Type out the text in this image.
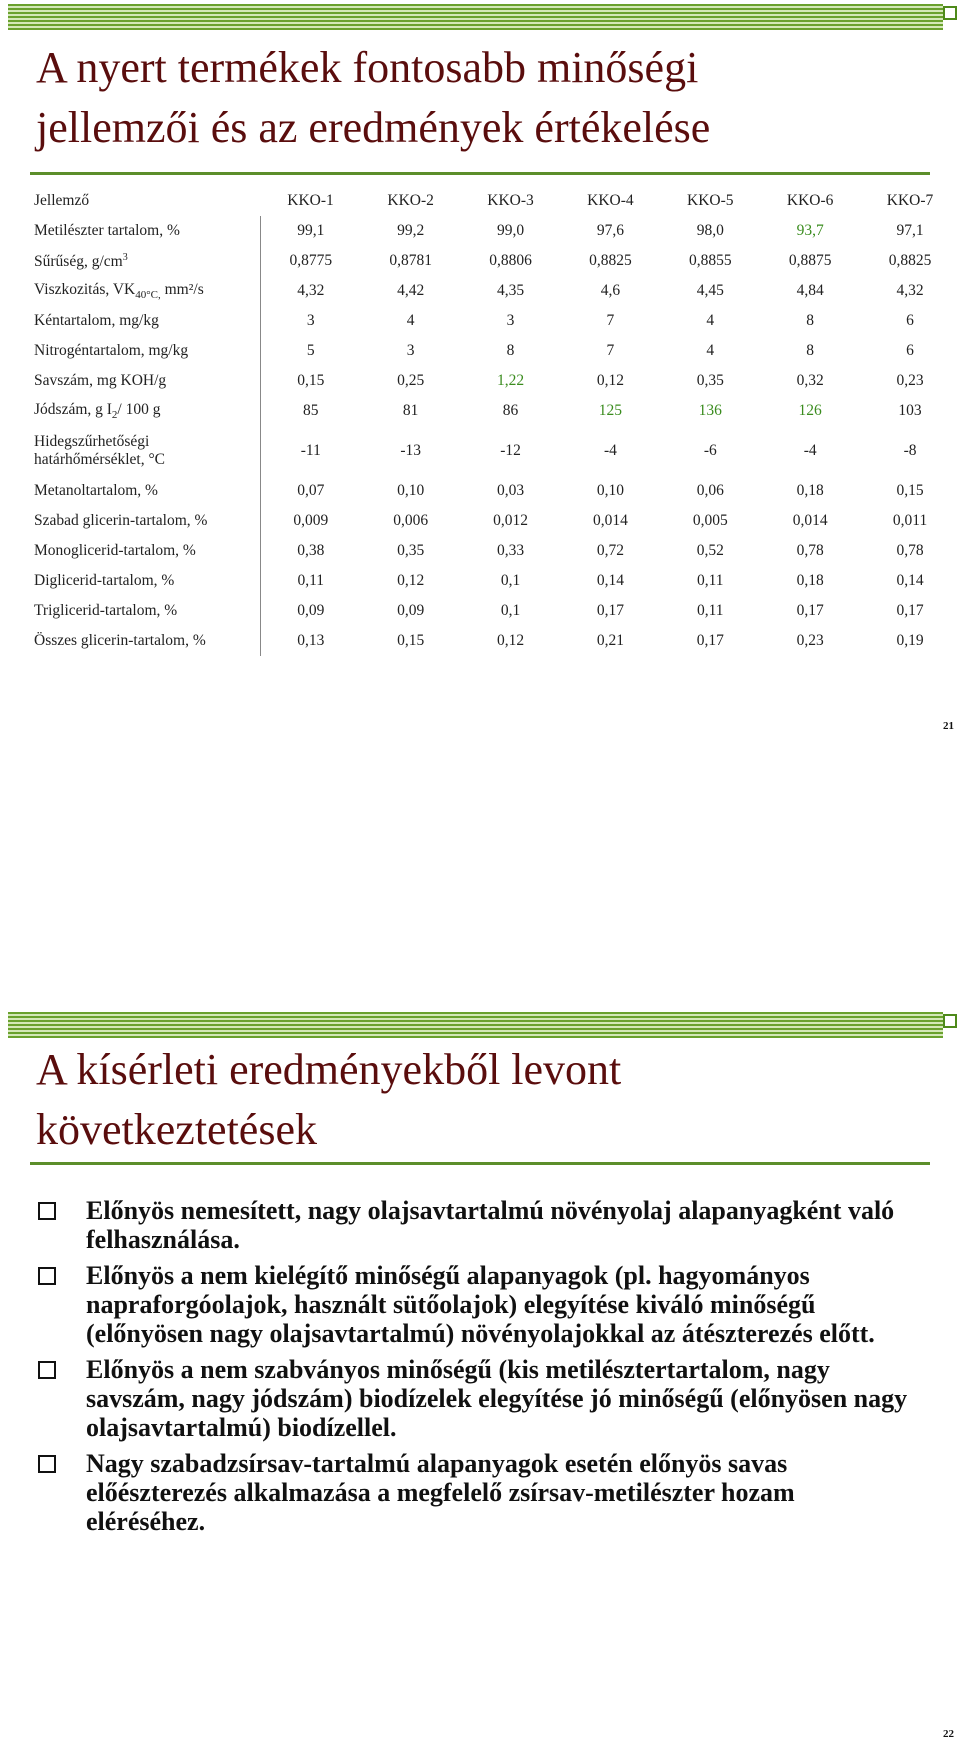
A nyert termékek fontosabb minőségi
jellemzői és az eredmények értékelése
Jellemző	KKO-1	KKO-2	KKO-3	KKO-4	KKO-5	KKO-6	KKO-7
Metilészter tartalom, %	99,1	99,2	99,0	97,6	98,0	93,7	97,1
Sűrűség, $g/cm^3$	0,8775	0,8781	0,8806	0,8825	0,8855	0,8875	0,8825
Viszkozitás, $VK_{40^\circ C,}$ mm²/s	4,32	4,42	4,35	4,6	4,45	4,84	4,32
Kéntartalom, mg/kg	3	4	3	7	4	8	6
Nitrogéntartalom, mg/kg	5	3	8	7	4	8	6
Savszám, mg KOH/g	0,15	0,25	1,22	0,12	0,35	0,32	0,23
Jódszám, g $I_2/$ 100 g	85	81	86	125	136	126	103
Hidegszűrhetőségi
határhőmérséklet, °C	-11	-13	-12	-4	-6	-4	-8
Metanoltartalom, %	0,07	0,10	0,03	0,10	0,06	0,18	0,15
Szabad glicerin-tartalom, %	0,009	0,006	0,012	0,014	0,005	0,014	0,011
Monoglicerid-tartalom, %	0,38	0,35	0,33	0,72	0,52	0,78	0,78
Diglicerid-tartalom, %	0,11	0,12	0,1	0,14	0,11	0,18	0,14
Triglicerid-tartalom, %	0,09	0,09	0,1	0,17	0,11	0,17	0,17
Összes glicerin-tartalom, %	0,13	0,15	0,12	0,21	0,17	0,23	0,19
21
A kísérleti eredményekből levont
következtetések
Előnyös nemesített, nagy olajsavtartalmú növényolaj alapanyagként való felhasználása.
Előnyös a nem kielégítő minőségű alapanyagok (pl. hagyományos napraforgóolajok, használt sütőolajok) elegyítése kiváló minőségű (előnyösen nagy olajsavtartalmú) növényolajokkal az átészterezés előtt.
Előnyös a nem szabványos minőségű (kis metilésztertartalom, nagy savszám, nagy jódszám) biodízelek elegyítése jó minőségű (előnyösen nagy olajsavtartalmú) biodízellel.
Nagy szabadzsírsav-tartalmú alapanyagok esetén előnyös savas előészterezés alkalmazása a megfelelő zsírsav-metilészter hozam eléréséhez.
22
